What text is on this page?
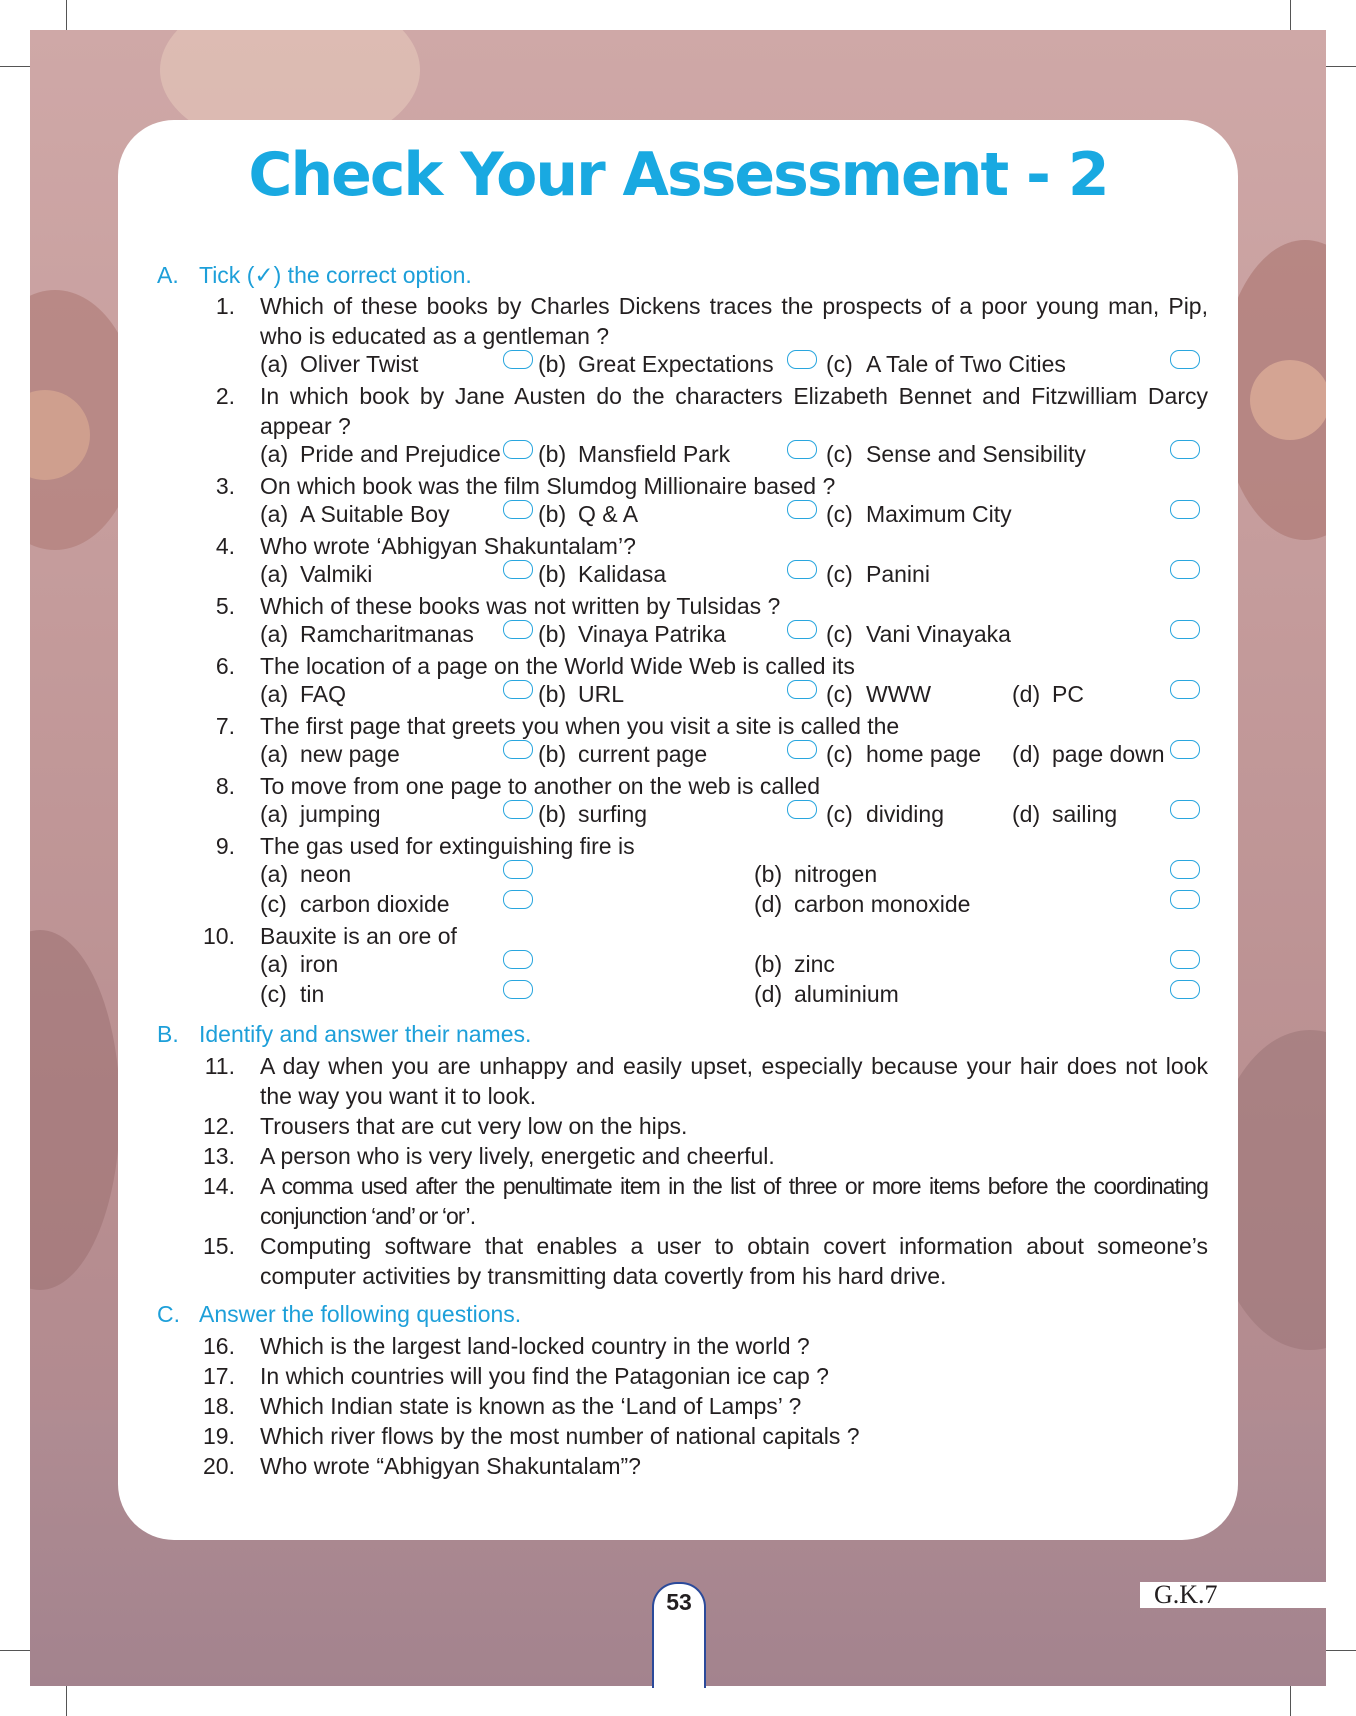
Check Your Assessment - 2
A. Tick (✓) the correct option.
1. Which of these books by Charles Dickens traces the prospects of a poor young man, Pip, who is educated as a gentleman ?
(a) Oliver Twist	(b) Great Expectations (c) A Tale of Two Cities
2. In which book by Jane Austen do the characters Elizabeth Bennet and Fitzwilliam Darcy appear ?
(a) Pride and Prejudice (b) Mansfield Park	(c) Sense and Sensibility
3. On which book was the film Slumdog Millionaire based ?
(a) A Suitable Boy	(b) Q & A	(c) Maximum City
4. Who wrote ‘Abhigyan Shakuntalam’?
(a) Valmiki	(b) Kalidasa	(c) Panini
5. Which of these books was not written by Tulsidas ?
(a) Ramcharitmanas	(b) Vinaya Patrika	(c) Vani Vinayaka
6. The location of a page on the World Wide Web is called its
(a) FAQ	(b) URL	(c) WWW	(d) PC
7. The first page that greets you when you visit a site is called the
(a) new page	(b) current page	(c) home page (d) page down
8. To move from one page to another on the web is called
(a) jumping	(b) surfing	(c) dividing	(d) sailing
9. The gas used for extinguishing fire is
(a) neon	(b) nitrogen
(c) carbon dioxide	(d) carbon monoxide
10. Bauxite is an ore of
(a) iron	(b) zinc
(c) tin	(d) aluminium
B. Identify and answer their names.
11. A day when you are unhappy and easily upset, especially because your hair does not look the way you want it to look.
12. Trousers that are cut very low on the hips.
13. A person who is very lively, energetic and cheerful.
14. A comma used after the penultimate item in the list of three or more items before the coordinating conjunction ‘and’ or ‘or’.
15. Computing software that enables a user to obtain covert information about someone’s computer activities by transmitting data covertly from his hard drive.
C. Answer the following questions.
16. Which is the largest land-locked country in the world ?
17. In which countries will you find the Patagonian ice cap ?
18. Which Indian state is known as the ‘Land of Lamps’ ?
19. Which river flows by the most number of national capitals ?
20. Who wrote “Abhigyan Shakuntalam”?
53	G.K.7
